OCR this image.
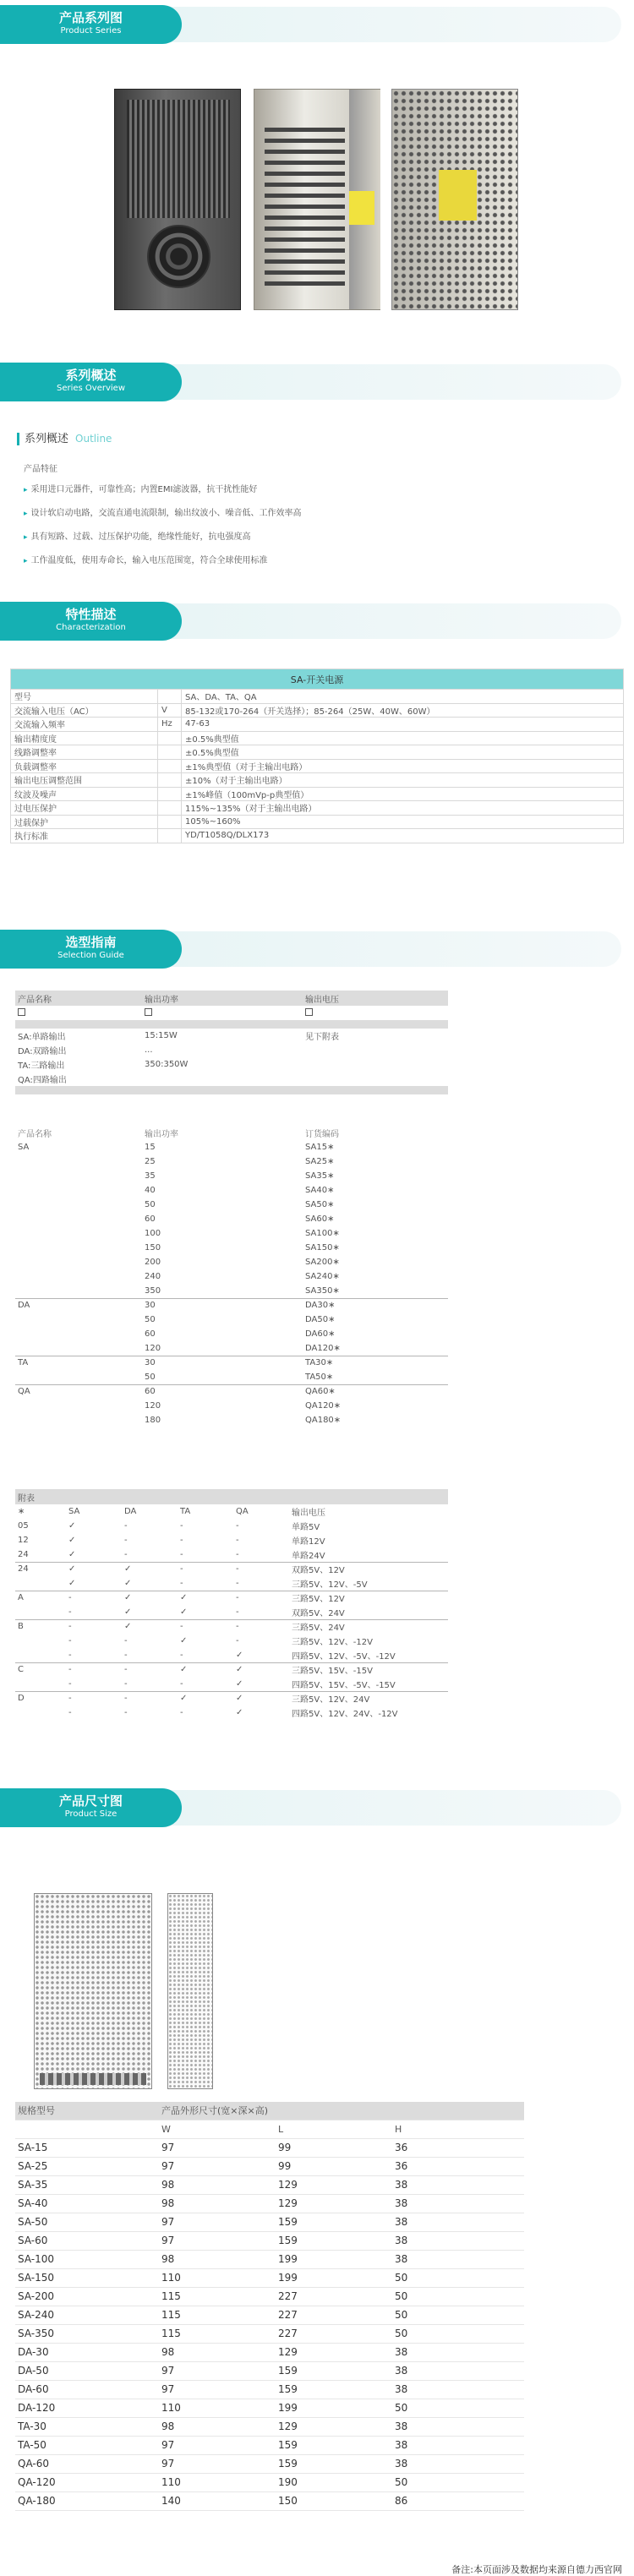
产品系列图
Product Series
系列概述
Series Overview
系列概述 Outline
产品特征
▸ 采用进口元器件，可靠性高；内置EMI滤波器，抗干扰性能好
▸ 设计软启动电路，交流直通电流限制，输出纹波小、噪音低、工作效率高
▸ 具有短路、过载、过压保护功能，绝缘性能好，抗电强度高
▸ 工作温度低，使用寿命长，输入电压范围宽，符合全球使用标准
特性描述
Characterization
SA-开关电源		
型号		SA、DA、TA、QA
交流输入电压（AC）	V	85-132或170-264（开关选择）；85-264（25W、40W、60W）
交流输入频率	Hz	47-63
输出精度度		±0.5%典型值
线路调整率		±0.5%典型值
负载调整率		±1%典型值（对于主输出电路）
输出电压调整范围		±10%（对于主输出电路）
纹波及噪声		±1%峰值（100mVp-p典型值）
过电压保护		115%~135%（对于主输出电路）
过载保护		105%~160%
执行标准		YD/T1058Q/DLX173
选型指南
Selection Guide
产品名称	输出功率	输出电压

SA:单路输出	15:15W	见下附表
DA:双路输出	...	
TA:三路输出	350:350W	
QA:四路输出		

产品名称	输出功率	订货编码
SA	15	SA15∗
	25	SA25∗
	35	SA35∗
	40	SA40∗
	50	SA50∗
	60	SA60∗
	100	SA100∗
	150	SA150∗
	200	SA200∗
	240	SA240∗
	350	SA350∗
DA	30	DA30∗
	50	DA50∗
	60	DA60∗
	120	DA120∗
TA	30	TA30∗
	50	TA50∗
QA	60	QA60∗
	120	QA120∗
	180	QA180∗
附表					
∗	SA	DA	TA	QA	输出电压
05	✓	-	-	-	单路5V
12	✓	-	-	-	单路12V
24	✓	-	-	-	单路24V
24	✓	✓	-	-	双路5V、12V
	✓	✓	-	-	三路5V、12V、-5V
A	-	✓	✓	-	三路5V、12V
	-	✓	✓	-	双路5V、24V
B	-	✓	-	-	三路5V、24V
	-	-	✓	-	三路5V、12V、-12V
	-	-	-	✓	四路5V、12V、-5V、-12V
C	-	-	✓	✓	三路5V、15V、-15V
	-	-	-	✓	四路5V、15V、-5V、-15V
D	-	-	✓	✓	三路5V、12V、24V
	-	-	-	✓	四路5V、12V、24V、-12V
产品尺寸图
Product Size
规格型号	产品外形尺寸(宽×深×高)		
	W	L	H
SA-15	97	99	36
SA-25	97	99	36
SA-35	98	129	38
SA-40	98	129	38
SA-50	97	159	38
SA-60	97	159	38
SA-100	98	199	38
SA-150	110	199	50
SA-200	115	227	50
SA-240	115	227	50
SA-350	115	227	50
DA-30	98	129	38
DA-50	97	159	38
DA-60	97	159	38
DA-120	110	199	50
TA-30	98	129	38
TA-50	97	159	38
QA-60	97	159	38
QA-120	110	190	50
QA-180	140	150	86
备注:本页面涉及数据均来源自德力西官网
